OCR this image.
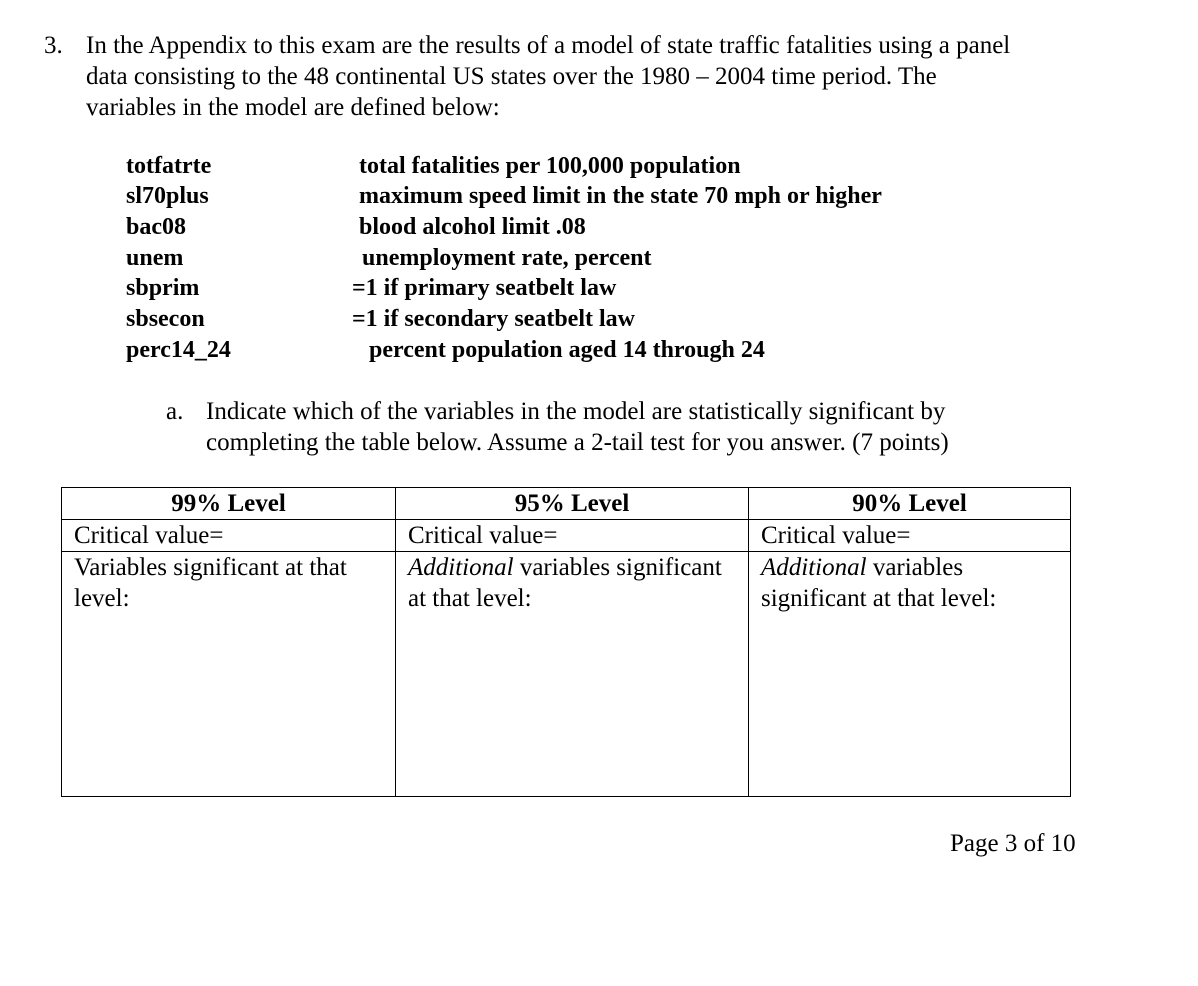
3. In the Appendix to this exam are the results of a model of state traffic fatalities using a panel
data consisting to the 48 continental US states over the 1980 – 2004 time period. The
variables in the model are defined below:
totfatrte	total fatalities per 100,000 population
sl70plus	maximum speed limit in the state 70 mph or higher
bac08	blood alcohol limit .08
unem	unemployment rate, percent
sbprim	=1 if primary seatbelt law
sbsecon	=1 if secondary seatbelt law
perc14_24	percent population aged 14 through 24
a. Indicate which of the variables in the model are statistically significant by
completing the table below. Assume a 2-tail test for you answer. (7 points)
99% Level	95% Level	90% Level
Critical value=	Critical value=	Critical value=
Variables significant at that level:	Additional variables significant at that level:	Additional variables significant at that level:
Page 3 of 10
